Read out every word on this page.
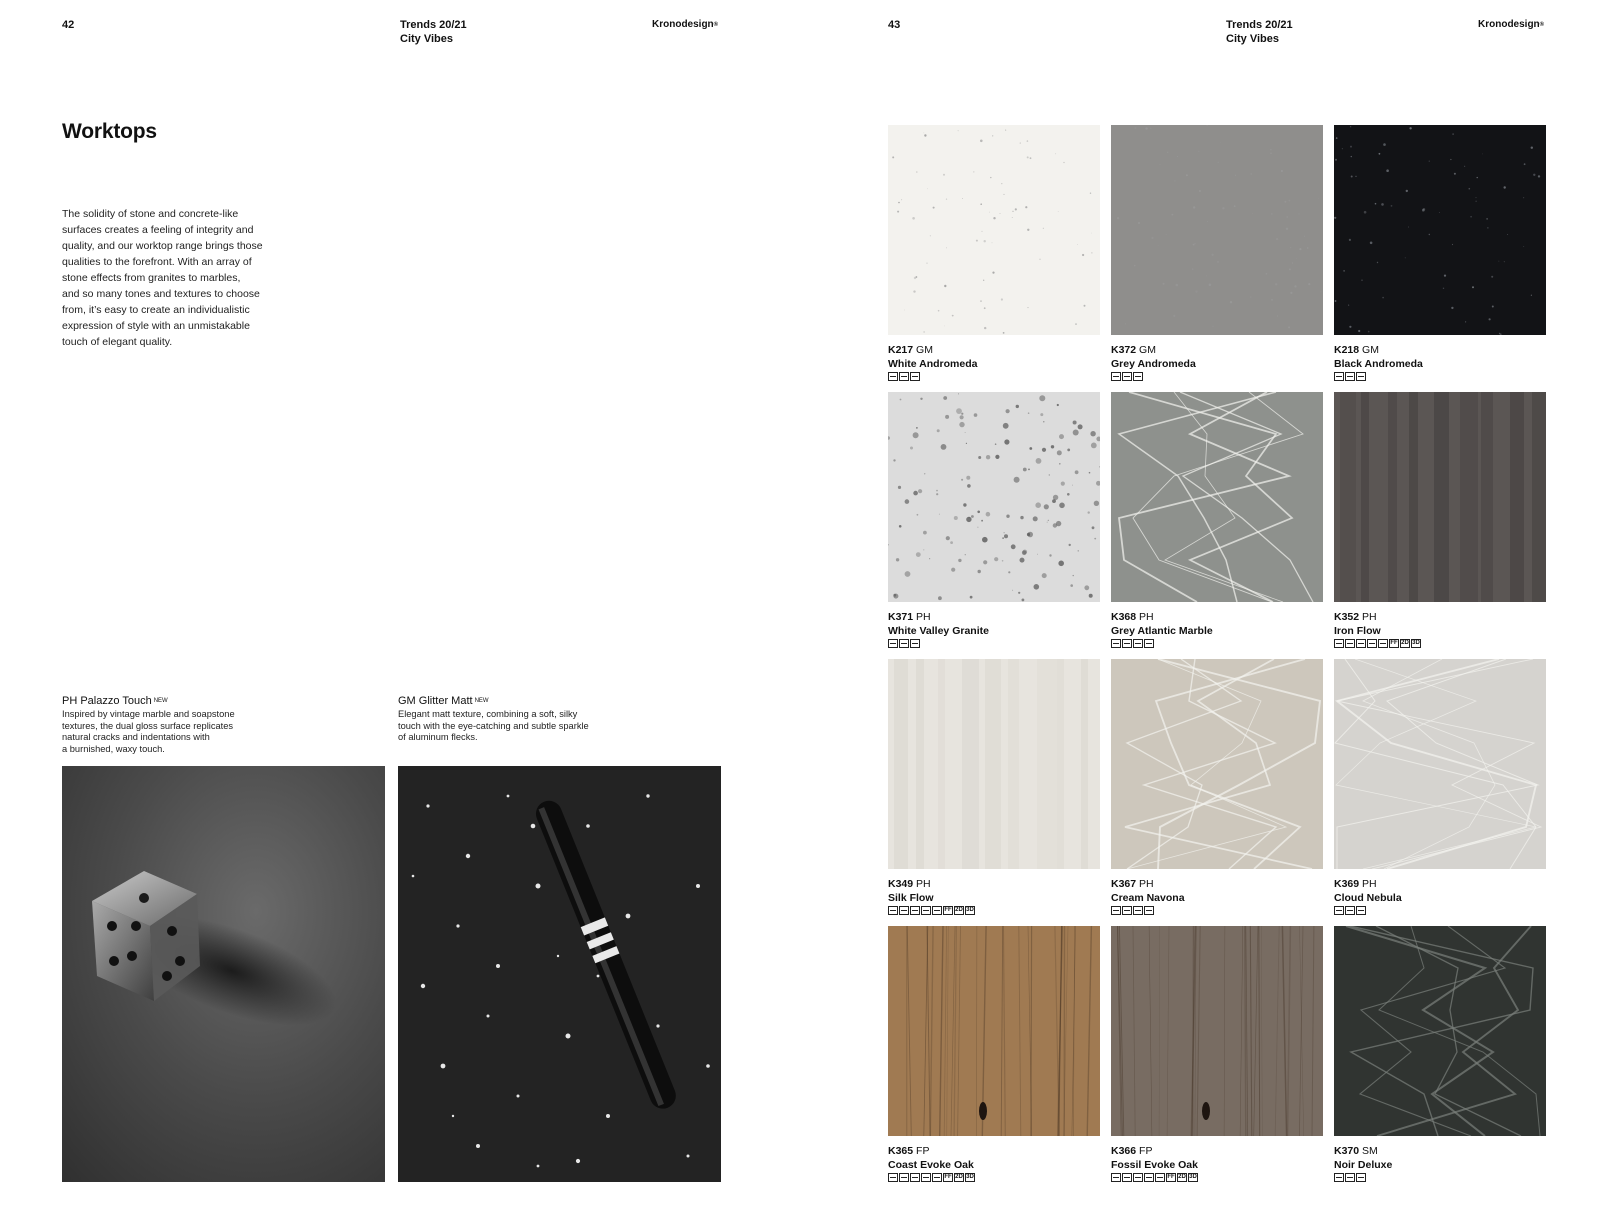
42	Trends 20/21
City Vibes
Kronodesign®
Worktops
The solidity of stone and concrete-like
surfaces creates a feeling of integrity and
quality, and our worktop range brings those
qualities to the forefront. With an array of
stone effects from granites to marbles,
and so many tones and textures to choose
from, it’s easy to create an individualistic
expression of style with an unmistakable
touch of elegant quality.
PH Palazzo Touch $^{NEW}$
Inspired by vintage marble and soapstone
textures, the dual gloss surface replicates
natural cracks and indentations with
a burnished, waxy touch.
GM Glitter Matt $^{NEW}$
Elegant matt texture, combining a soft, silky
touch with the eye-catching and subtle sparkle
of aluminum flecks.
43	Trends 20/21
City Vibes
Kronodesign®
K217 GM
White Andromeda
K372 GM
Grey Andromeda
K218 GM
Black Andromeda
K371 PH
White Valley Granite
K368 PH
Grey Atlantic Marble
K352 PH
Iron Flow
FF 2D 3D
K349 PH
Silk Flow
FF 2D 3D
K367 PH
Cream Navona
K369 PH
Cloud Nebula
K365 FP
Coast Evoke Oak
FF 2D 3D
K366 FP
Fossil Evoke Oak
FF 2D 3D
K370 SM
Noir Deluxe
